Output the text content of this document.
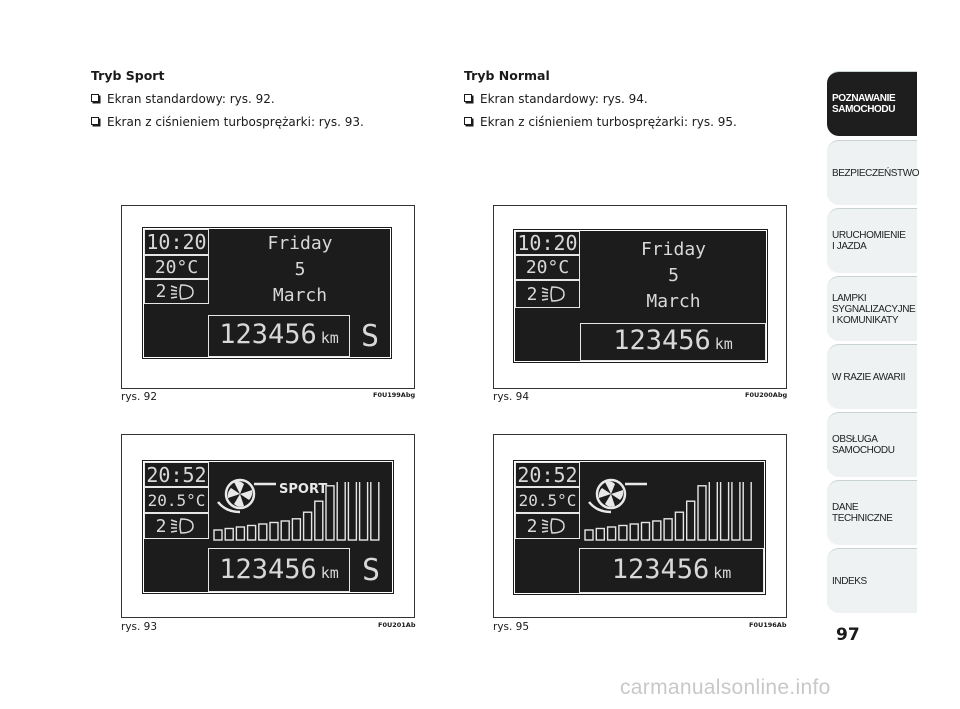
Tryb Sport
Ekran standardowy: rys. 92.
Ekran z ciśnieniem turbosprężarki: rys. 93.
Tryb Normal
Ekran standardowy: rys. 94.
Ekran z ciśnieniem turbosprężarki: rys. 95.
10:20
20°C
2
Friday
5
March
123456 km S
rys. 92	F0U199Abg
10:20
20°C
2
Friday
5
March
123456 km
rys. 94	F0U200Abg
20:52
20.5°C
2
SPORT
123456 km S
rys. 93	F0U201Ab
20:52
20.5°C
2
123456 km
rys. 95	F0U196Ab
POZNAWANIE
SAMOCHODU
BEZPIECZEŃSTWO
URUCHOMIENIE
I JAZDA
LAMPKI
SYGNALIZACYJNE
I KOMUNIKATY
W RAZIE AWARII
OBSŁUGA
SAMOCHODU
DANE
TECHNICZNE
INDEKS
97
carmanualsonline.info
